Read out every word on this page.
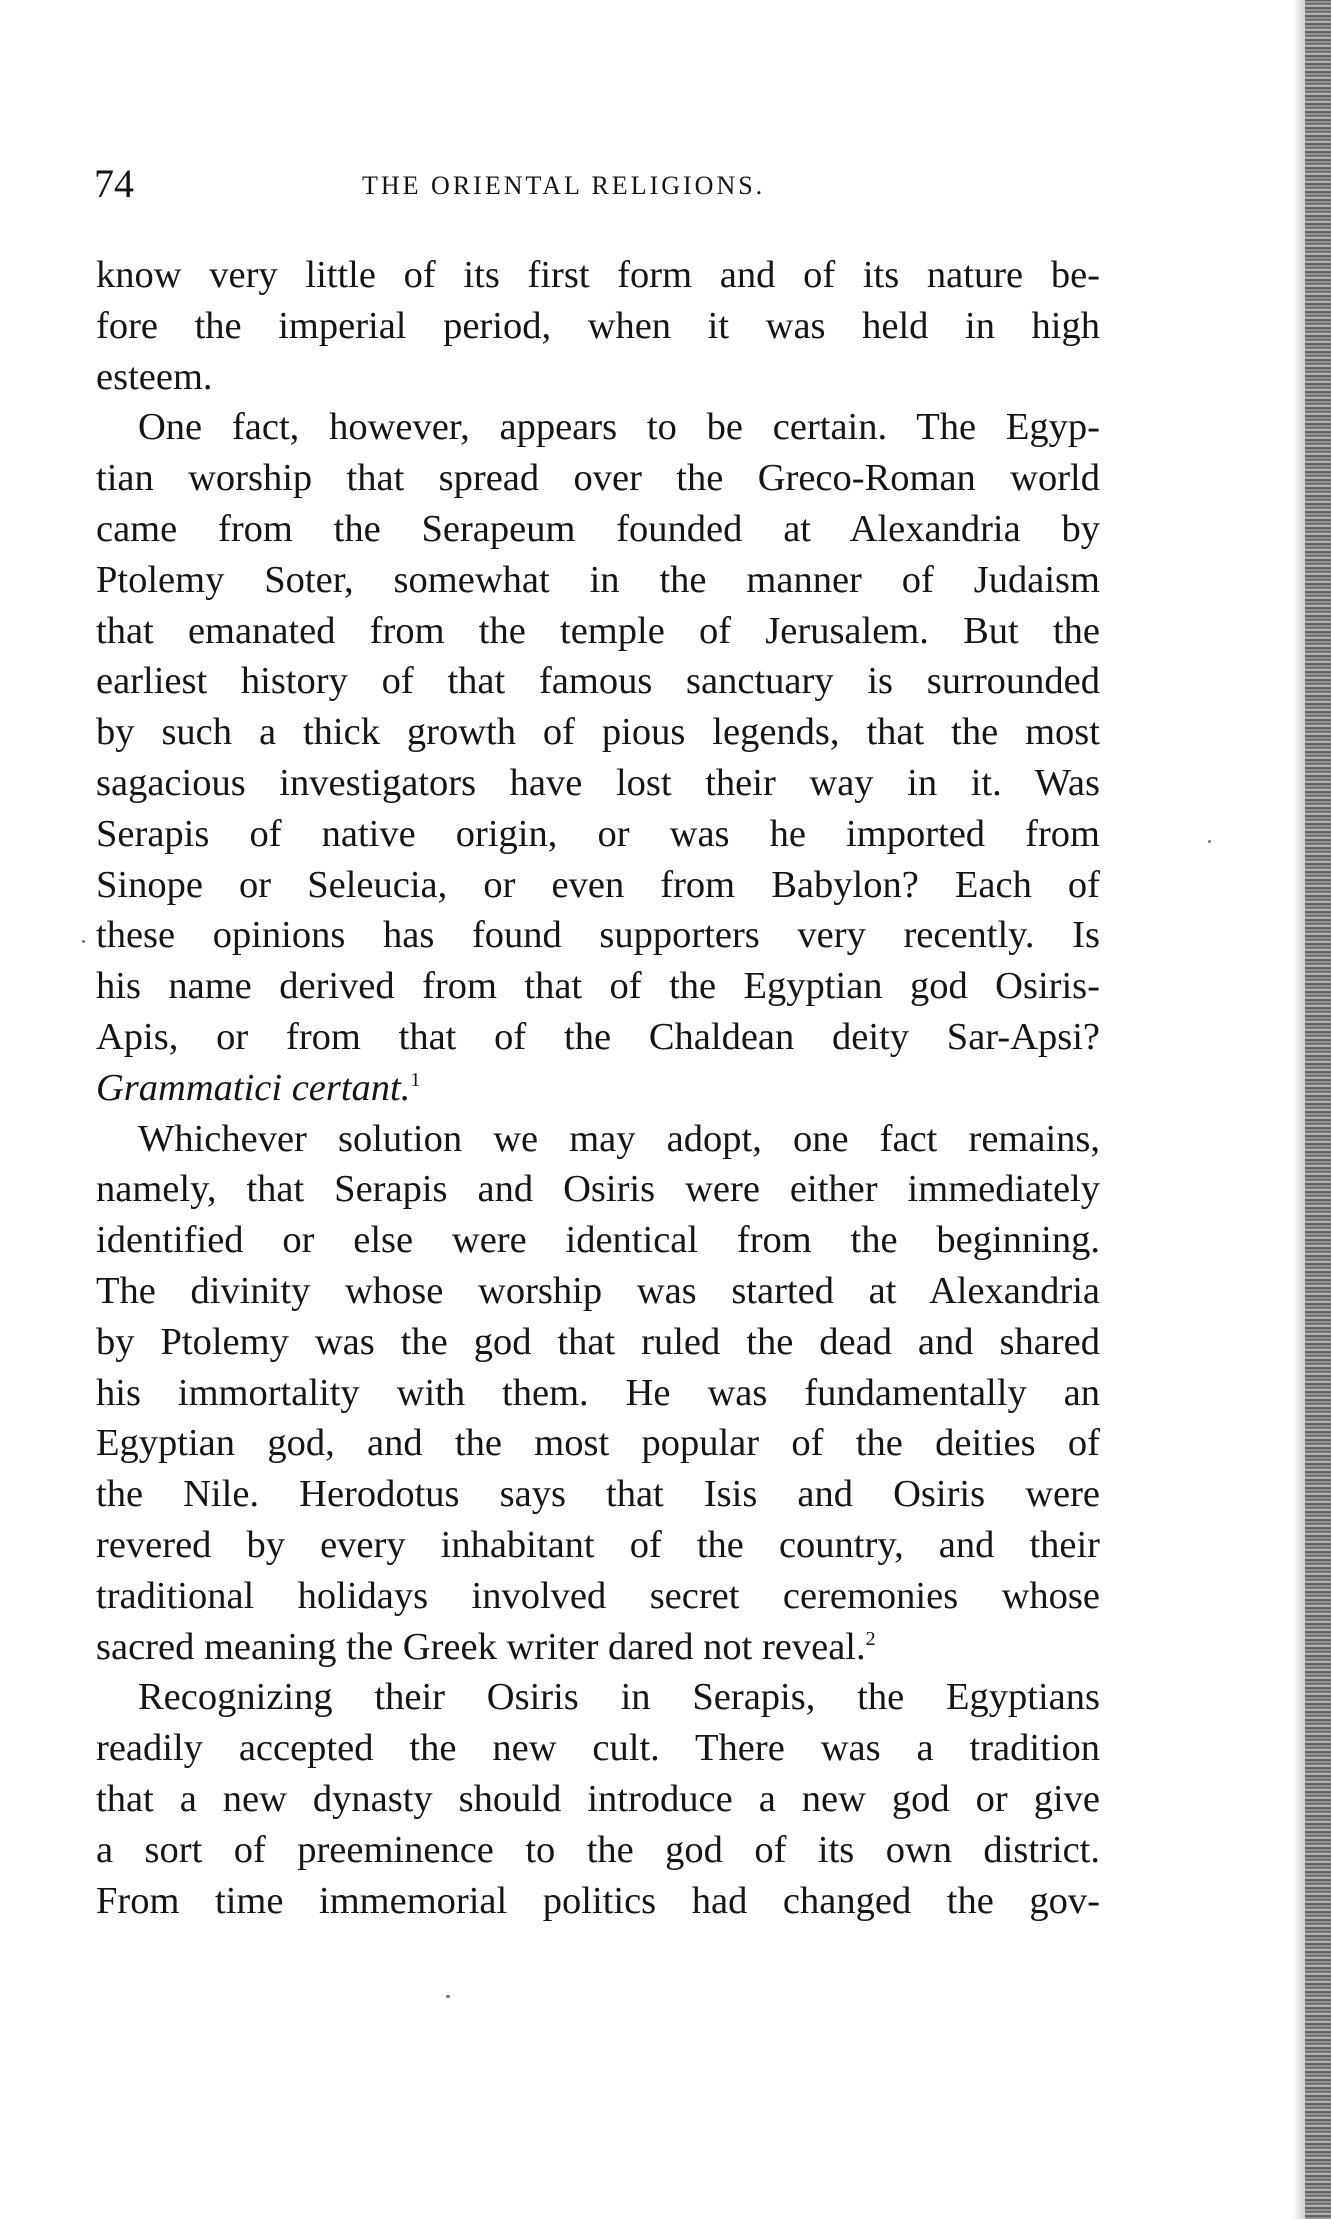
74	THE ORIENTAL RELIGIONS.

know very little of its first form and of its nature be-
fore the imperial period, when it was held in high
esteem.

One fact, however, appears to be certain. The Egyp-
tian worship that spread over the Greco-Roman world
came from the Serapeum founded at Alexandria by
Ptolemy Soter, somewhat in the manner of Judaism
that emanated from the temple of Jerusalem. But the
earliest history of that famous sanctuary is surrounded
by such a thick growth of pious legends, that the most
sagacious investigators have lost their way in it. Was
Serapis of native origin, or was he imported from
Sinope or Seleucia, or even from Babylon? Each of
these opinions has found supporters very recently. Is
his name derived from that of the Egyptian god Osiris-
Apis, or from that of the Chaldean deity Sar-Apsi?
Grammatici certant.$^1$

Whichever solution we may adopt, one fact remains,
namely, that Serapis and Osiris were either immediately
identified or else were identical from the beginning.
The divinity whose worship was started at Alexandria
by Ptolemy was the god that ruled the dead and shared
his immortality with them. He was fundamentally an
Egyptian god, and the most popular of the deities of
the Nile. Herodotus says that Isis and Osiris were
revered by every inhabitant of the country, and their
traditional holidays involved secret ceremonies whose
sacred meaning the Greek writer dared not reveal.$^2$

Recognizing their Osiris in Serapis, the Egyptians
readily accepted the new cult. There was a tradition
that a new dynasty should introduce a new god or give
a sort of preeminence to the god of its own district.
From time immemorial politics had changed the gov-
